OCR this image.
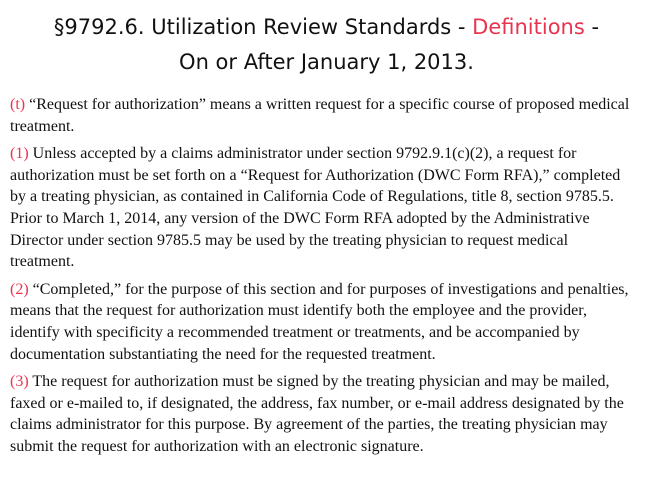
§9792.6. Utilization Review Standards - Definitions -
On or After January 1, 2013.

(t) “Request for authorization” means a written request for a specific course of proposed medical treatment.

(1) Unless accepted by a claims administrator under section 9792.9.1(c)(2), a request for authorization must be set forth on a “Request for Authorization (DWC Form RFA),” completed by a treating physician, as contained in California Code of Regulations, title 8, section 9785.5. Prior to March 1, 2014, any version of the DWC Form RFA adopted by the Administrative Director under section 9785.5 may be used by the treating physician to request medical treatment.

(2) “Completed,” for the purpose of this section and for purposes of investigations and penalties, means that the request for authorization must identify both the employee and the provider, identify with specificity a recommended treatment or treatments, and be accompanied by documentation substantiating the need for the requested treatment.

(3) The request for authorization must be signed by the treating physician and may be mailed, faxed or e-mailed to, if designated, the address, fax number, or e-mail address designated by the claims administrator for this purpose. By agreement of the parties, the treating physician may submit the request for authorization with an electronic signature.
